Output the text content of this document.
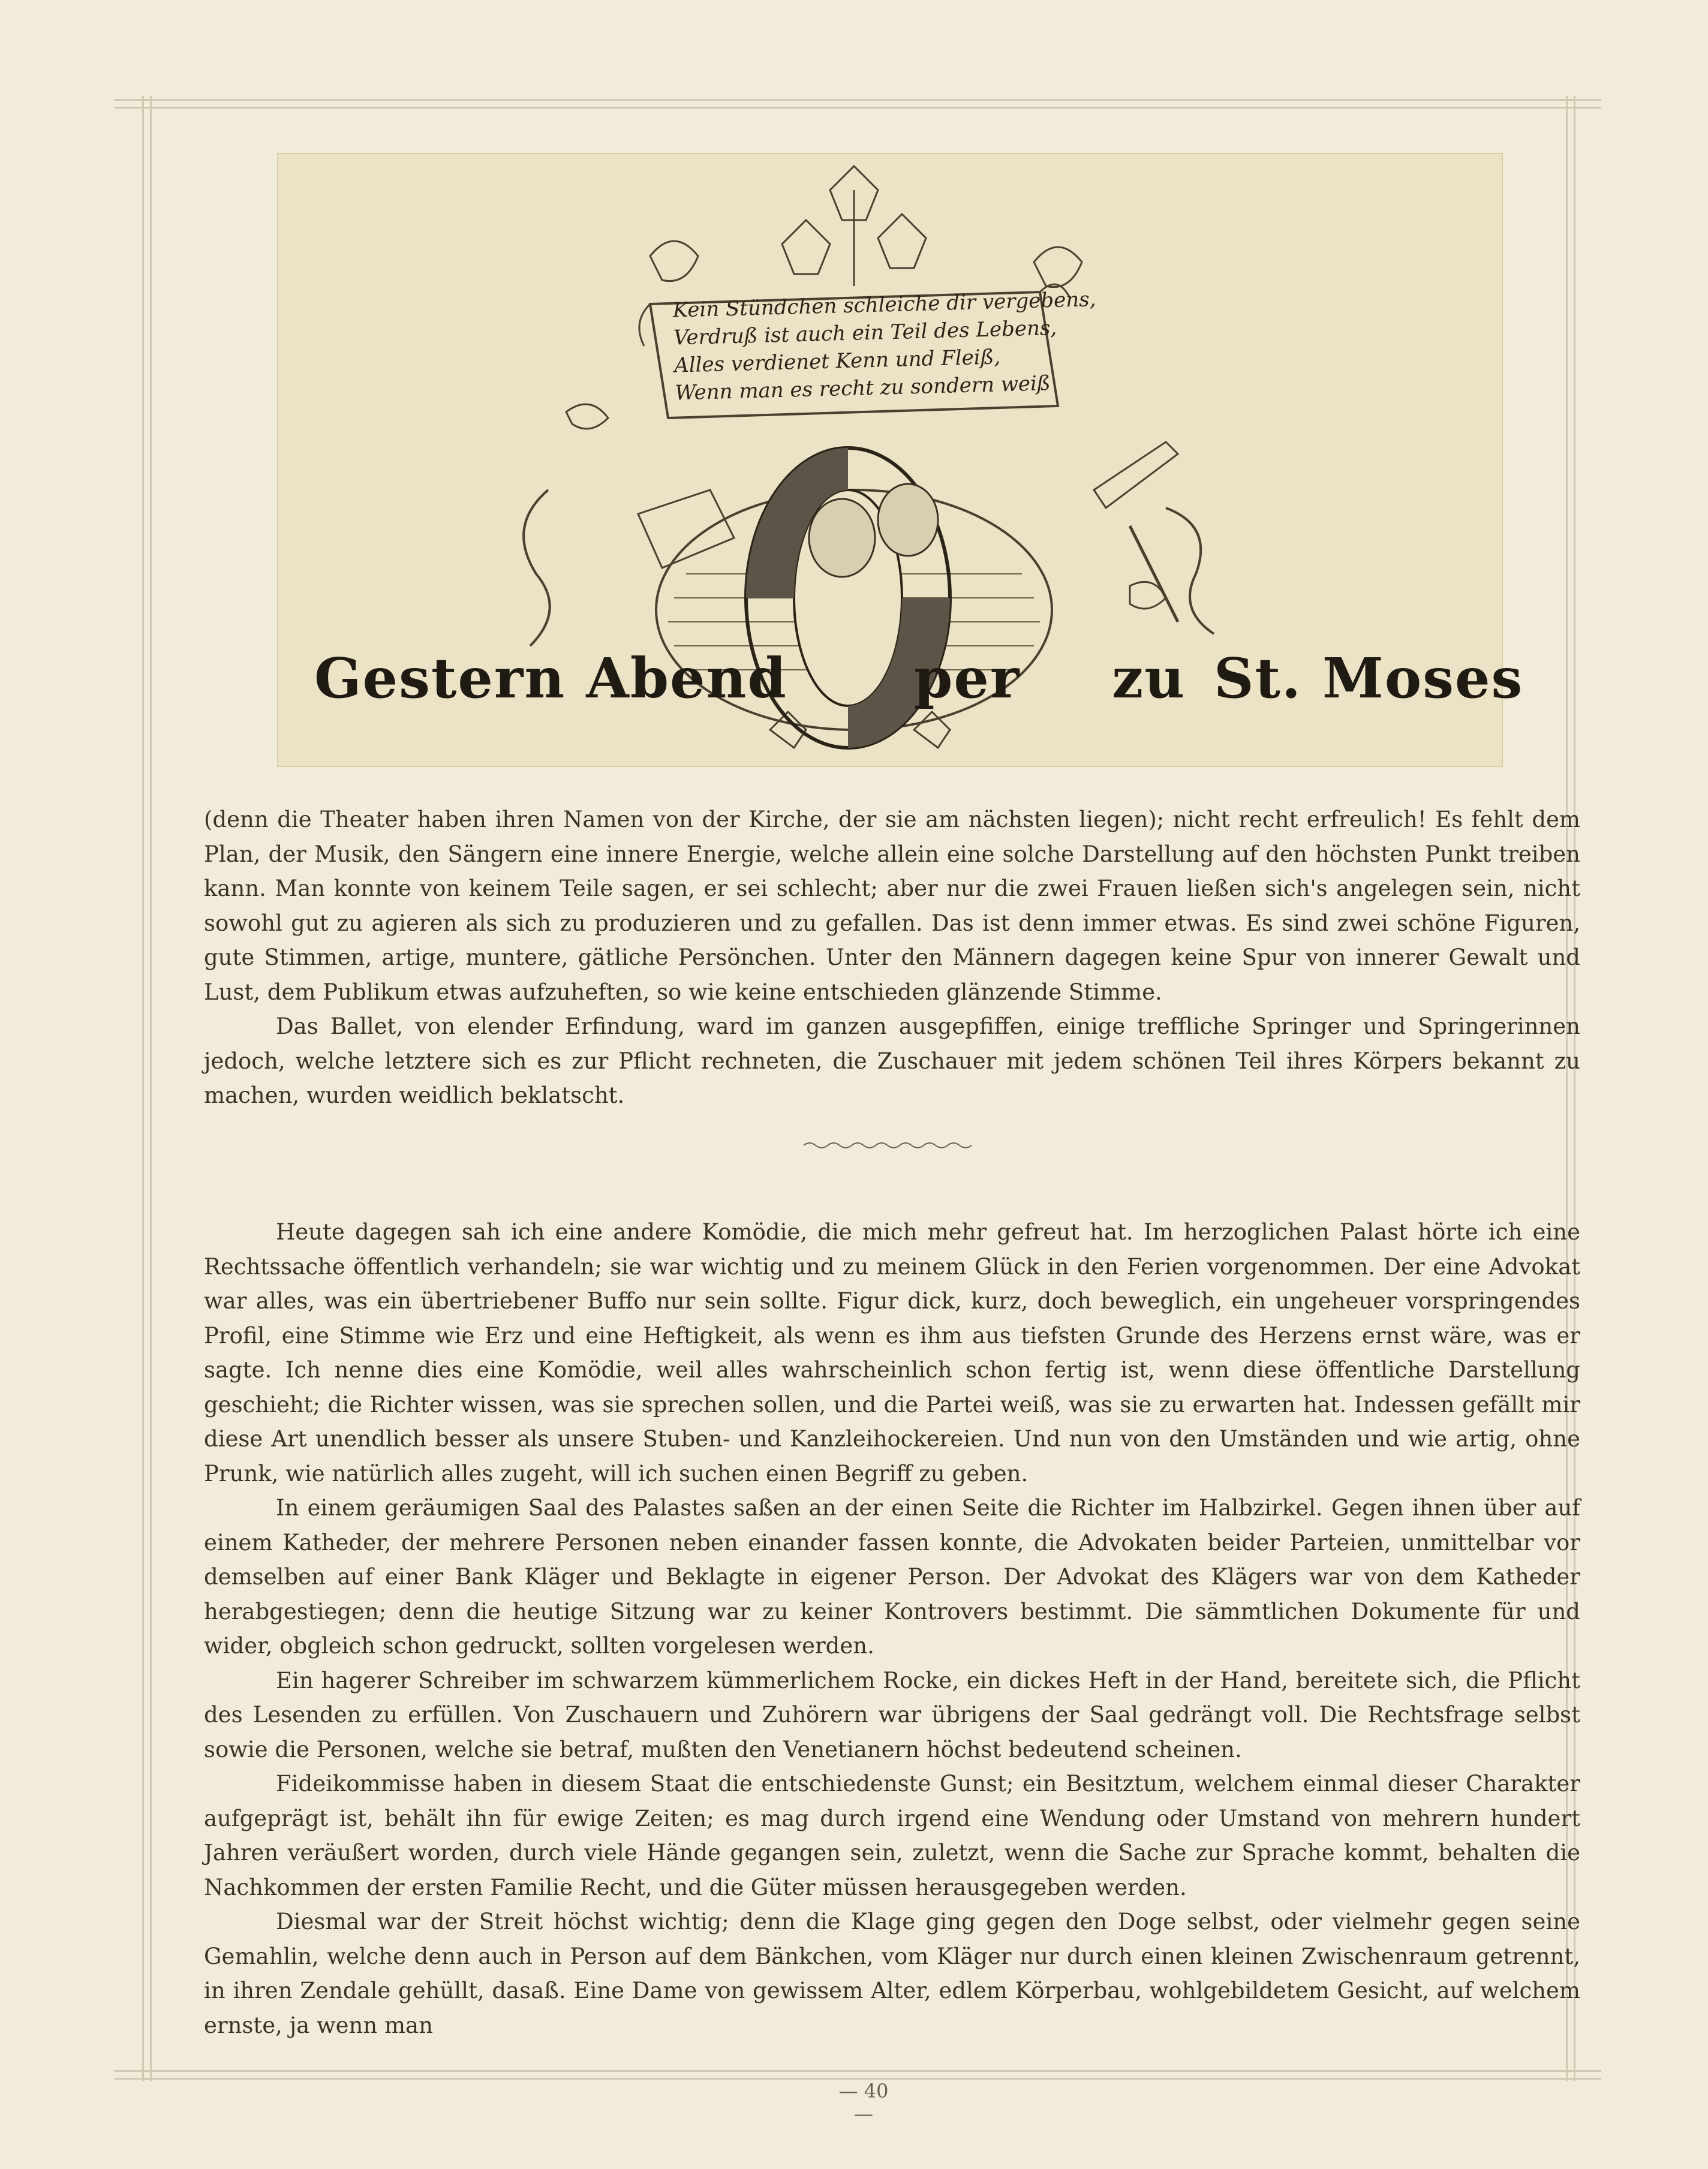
Kein Stündchen schleiche dir vergebens,
Verdruß ist auch ein Teil des Lebens,
Alles verdienet Kenn und Fleiß,
Wenn man es recht zu sondern weiß
Gestern Abend per zu St. Moses

(denn die Theater haben ihren Namen von der Kirche, der sie am nächsten liegen); nicht recht erfreulich! Es fehlt dem Plan, der Musik, den Sängern eine innere Energie, welche allein eine solche Darstellung auf den höchsten Punkt treiben kann. Man konnte von keinem Teile sagen, er sei schlecht; aber nur die zwei Frauen ließen sich's angelegen sein, nicht sowohl gut zu agieren als sich zu produzieren und zu gefallen. Das ist denn immer etwas. Es sind zwei schöne Figuren, gute Stimmen, artige, muntere, gätliche Persönchen. Unter den Männern dagegen keine Spur von innerer Gewalt und Lust, dem Publikum etwas aufzuheften, so wie keine entschieden glänzende Stimme.

Das Ballet, von elender Erfindung, ward im ganzen ausgepfiffen, einige treffliche Springer und Springerinnen jedoch, welche letztere sich es zur Pflicht rechneten, die Zuschauer mit jedem schönen Teil ihres Körpers bekannt zu machen, wurden weidlich beklatscht.

Heute dagegen sah ich eine andere Komödie, die mich mehr gefreut hat. Im herzoglichen Palast hörte ich eine Rechtssache öffentlich verhandeln; sie war wichtig und zu meinem Glück in den Ferien vorgenommen. Der eine Advokat war alles, was ein übertriebener Buffo nur sein sollte. Figur dick, kurz, doch beweglich, ein ungeheuer vorspringendes Profil, eine Stimme wie Erz und eine Heftigkeit, als wenn es ihm aus tiefsten Grunde des Herzens ernst wäre, was er sagte. Ich nenne dies eine Komödie, weil alles wahrscheinlich schon fertig ist, wenn diese öffentliche Darstellung geschieht; die Richter wissen, was sie sprechen sollen, und die Partei weiß, was sie zu erwarten hat. Indessen gefällt mir diese Art unendlich besser als unsere Stuben- und Kanzleihockereien. Und nun von den Umständen und wie artig, ohne Prunk, wie natürlich alles zugeht, will ich suchen einen Begriff zu geben.

In einem geräumigen Saal des Palastes saßen an der einen Seite die Richter im Halbzirkel. Gegen ihnen über auf einem Katheder, der mehrere Personen neben einander fassen konnte, die Advokaten beider Parteien, unmittelbar vor demselben auf einer Bank Kläger und Beklagte in eigener Person. Der Advokat des Klägers war von dem Katheder herabgestiegen; denn die heutige Sitzung war zu keiner Kontrovers bestimmt. Die sämmtlichen Dokumente für und wider, obgleich schon gedruckt, sollten vorgelesen werden.

Ein hagerer Schreiber im schwarzem kümmerlichem Rocke, ein dickes Heft in der Hand, bereitete sich, die Pflicht des Lesenden zu erfüllen. Von Zuschauern und Zuhörern war übrigens der Saal gedrängt voll. Die Rechtsfrage selbst sowie die Personen, welche sie betraf, mußten den Venetianern höchst bedeutend scheinen.

Fideikommisse haben in diesem Staat die entschiedenste Gunst; ein Besitztum, welchem einmal dieser Charakter aufgeprägt ist, behält ihn für ewige Zeiten; es mag durch irgend eine Wendung oder Umstand von mehrern hundert Jahren veräußert worden, durch viele Hände gegangen sein, zuletzt, wenn die Sache zur Sprache kommt, behalten die Nachkommen der ersten Familie Recht, und die Güter müssen herausgegeben werden.

Diesmal war der Streit höchst wichtig; denn die Klage ging gegen den Doge selbst, oder vielmehr gegen seine Gemahlin, welche denn auch in Person auf dem Bänkchen, vom Kläger nur durch einen kleinen Zwischenraum getrennt, in ihren Zendale gehüllt, dasaß. Eine Dame von gewissem Alter, edlem Körperbau, wohlgebildetem Gesicht, auf welchem ernste, ja wenn man

— 40 —
